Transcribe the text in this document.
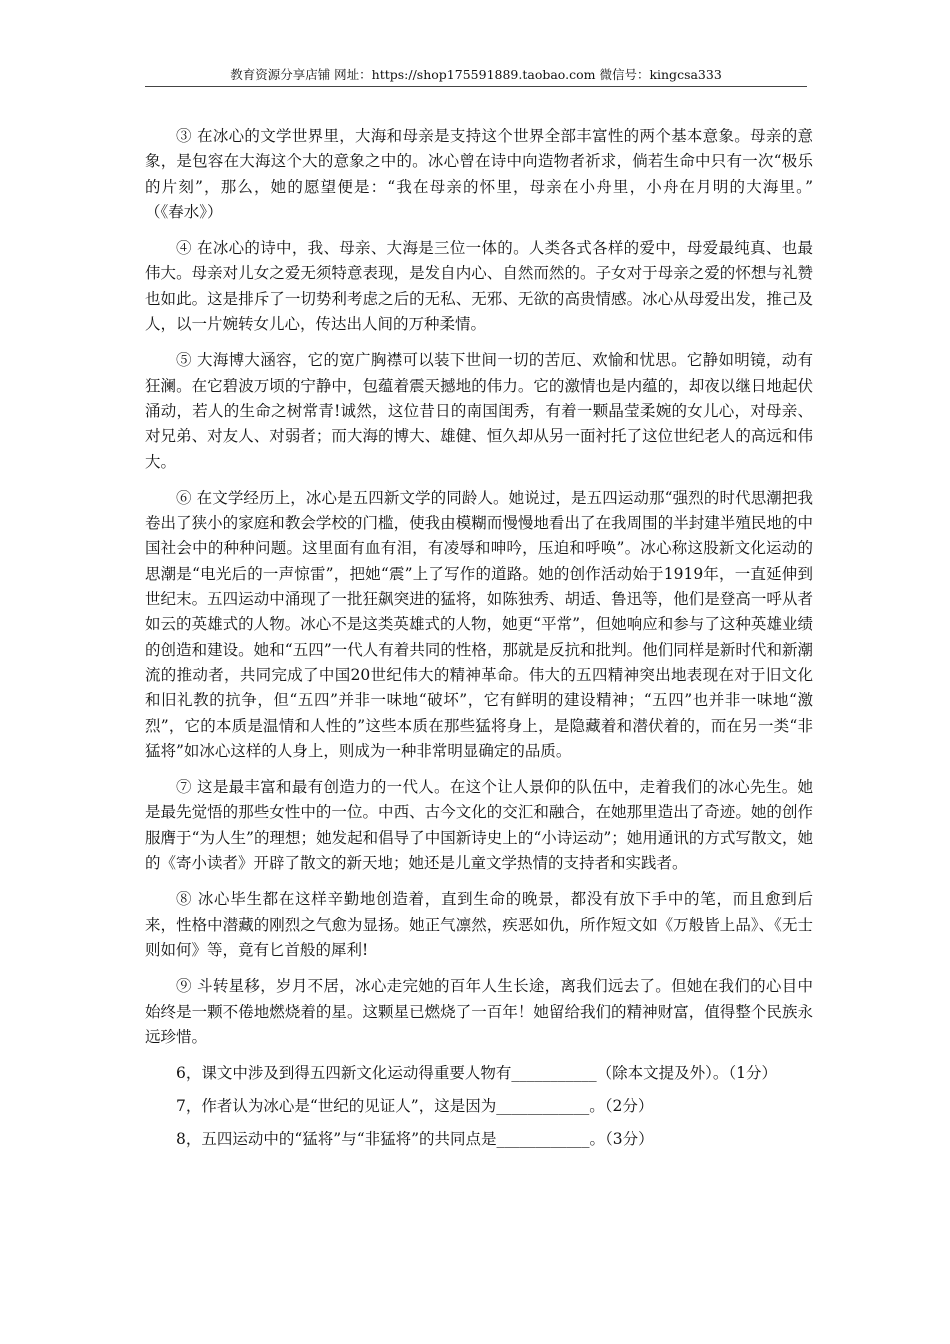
教育资源分享店铺 网址：https://shop175591889.taobao.com 微信号：kingcsa333

③ 在冰心的文学世界里，大海和母亲是支持这个世界全部丰富性的两个基本意象。母亲的意象，是包容在大海这个大的意象之中的。冰心曾在诗中向造物者祈求，倘若生命中只有一次“极乐的片刻”，那么，她的愿望便是：“我在母亲的怀里，母亲在小舟里，小舟在月明的大海里。”　　（《春水》）

④ 在冰心的诗中，我、母亲、大海是三位一体的。人类各式各样的爱中，母爱最纯真、也最伟大。母亲对儿女之爱无须特意表现，是发自内心、自然而然的。子女对于母亲之爱的怀想与礼赞也如此。这是排斥了一切势利考虑之后的无私、无邪、无欲的高贵情感。冰心从母爱出发，推己及人，以一片婉转女儿心，传达出人间的万种柔情。

⑤ 大海博大涵容，它的宽广胸襟可以装下世间一切的苦厄、欢愉和忧思。它静如明镜，动有狂澜。在它碧波万顷的宁静中，包蕴着震天撼地的伟力。它的激情也是内蕴的，却夜以继日地起伏涌动，若人的生命之树常青!诚然，这位昔日的南国闺秀，有着一颗晶莹柔婉的女儿心，对母亲、对兄弟、对友人、对弱者；而大海的博大、雄健、恒久却从另一面衬托了这位世纪老人的高远和伟大。

⑥ 在文学经历上，冰心是五四新文学的同龄人。她说过，是五四运动那“强烈的时代思潮把我卷出了狭小的家庭和教会学校的门槛，使我由模糊而慢慢地看出了在我周围的半封建半殖民地的中国社会中的种种问题。这里面有血有泪，有凌辱和呻吟，压迫和呼唤”。冰心称这股新文化运动的思潮是“电光后的一声惊雷”，把她“震”上了写作的道路。她的创作活动始于1919年，一直延伸到世纪末。五四运动中涌现了一批狂飙突进的猛将，如陈独秀、胡适、鲁迅等，他们是登高一呼从者如云的英雄式的人物。冰心不是这类英雄式的人物，她更“平常”，但她响应和参与了这种英雄业绩的创造和建设。她和“五四”一代人有着共同的性格，那就是反抗和批判。他们同样是新时代和新潮流的推动者，共同完成了中国20世纪伟大的精神革命。伟大的五四精神突出地表现在对于旧文化和旧礼教的抗争，但“五四”并非一味地“破坏”，它有鲜明的建设精神；“五四”也并非一味地“激烈”，它的本质是温情和人性的”这些本质在那些猛将身上，是隐藏着和潜伏着的，而在另一类“非猛将”如冰心这样的人身上，则成为一种非常明显确定的品质。

⑦ 这是最丰富和最有创造力的一代人。在这个让人景仰的队伍中，走着我们的冰心先生。她是最先觉悟的那些女性中的一位。中西、古今文化的交汇和融合，在她那里造出了奇迹。她的创作服膺于“为人生”的理想；她发起和倡导了中国新诗史上的“小诗运动”；她用通讯的方式写散文，她的《寄小读者》开辟了散文的新天地；她还是儿童文学热情的支持者和实践者。

⑧ 冰心毕生都在这样辛勤地创造着，直到生命的晚景，都没有放下手中的笔，而且愈到后来，性格中潜藏的刚烈之气愈为显扬。她正气凛然，疾恶如仇，所作短文如《万般皆上品》、《无士则如何》等，竟有匕首般的犀利!

⑨ 斗转星移，岁月不居，冰心走完她的百年人生长途，离我们远去了。但她在我们的心目中始终是一颗不倦地燃烧着的星。这颗星已燃烧了一百年！她留给我们的精神财富，值得整个民族永远珍惜。

6，课文中涉及到得五四新文化运动得重要人物有___________（除本文提及外）。（1分）

7，作者认为冰心是“世纪的见证人”，这是因为____________。（2分）

8，五四运动中的“猛将”与“非猛将”的共同点是____________。（3分）
